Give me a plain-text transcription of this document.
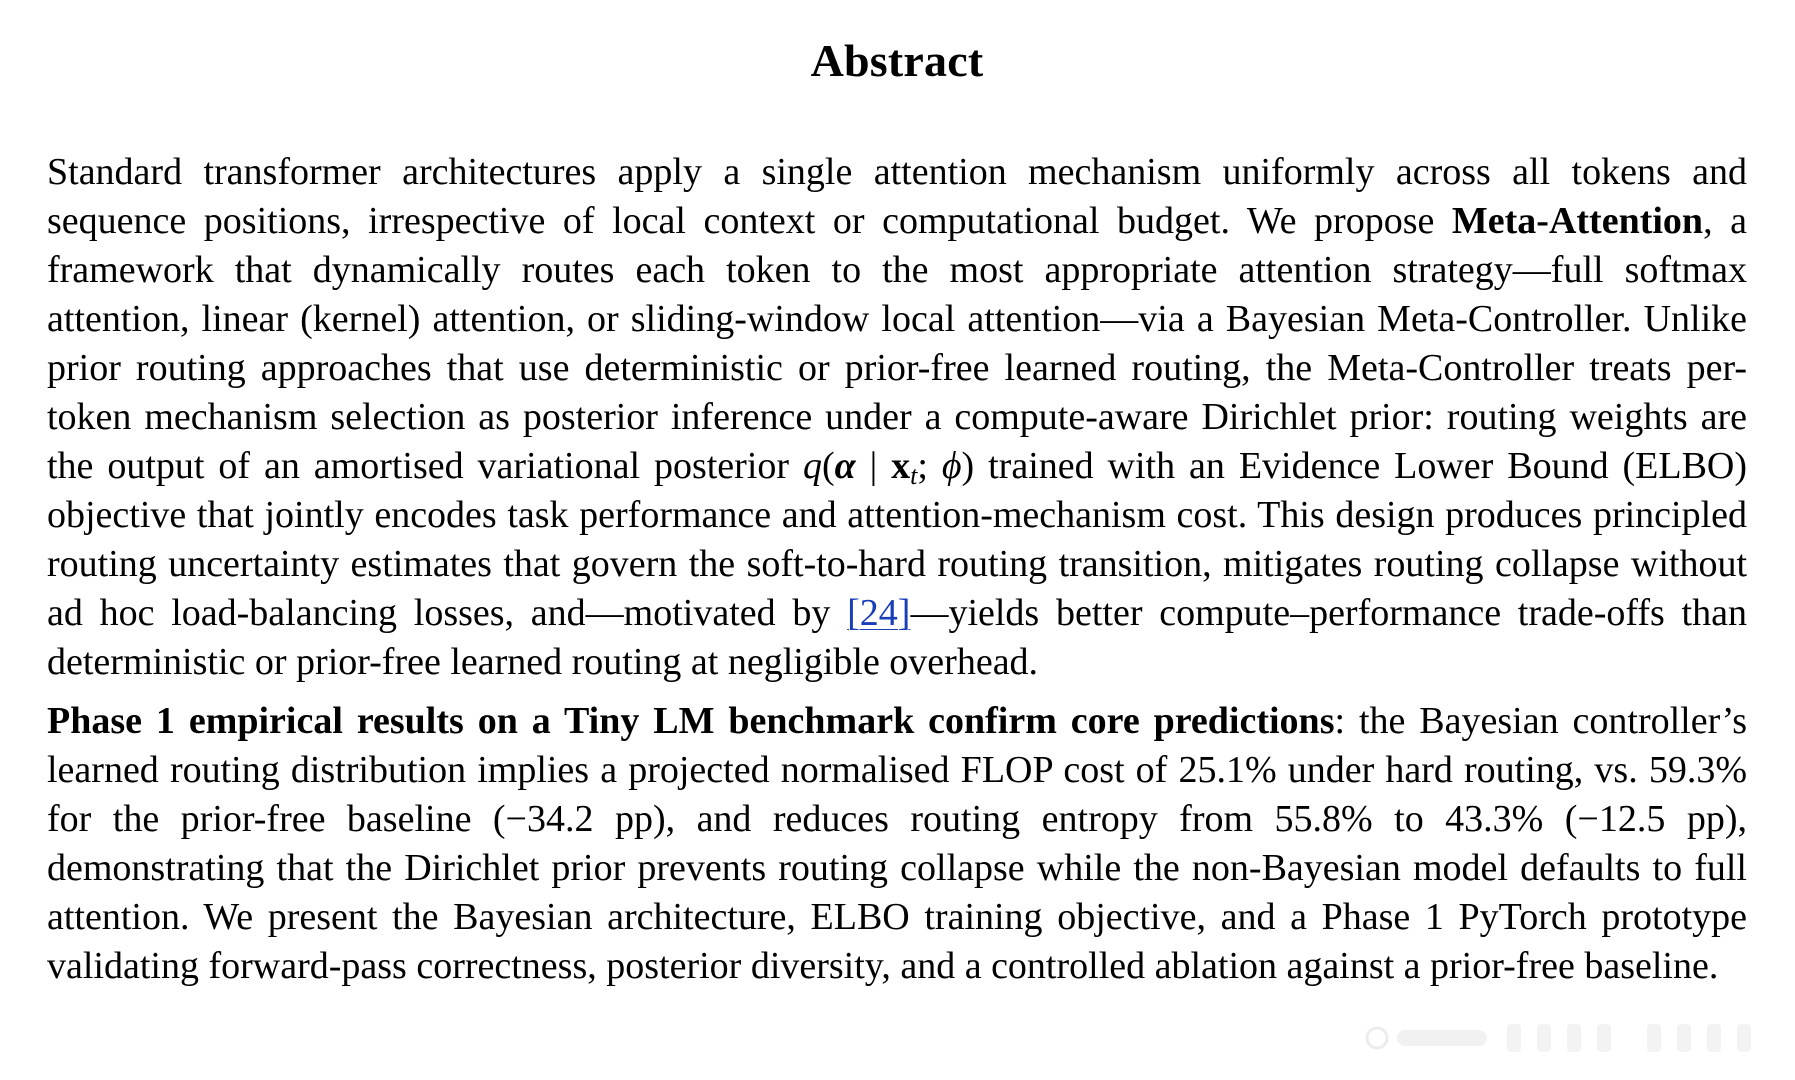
Abstract

Standard transformer architectures apply a single attention mechanism uniformly across all tokens and sequence positions, irrespective of local context or computational budget. We propose Meta-Attention, a framework that dynamically routes each token to the most appropriate attention strategy—full softmax attention, linear (kernel) attention, or sliding-window local attention—via a Bayesian Meta-Controller. Unlike prior routing approaches that use deterministic or prior-free learned routing, the Meta-Controller treats per-token mechanism selection as posterior inference under a compute-aware Dirichlet prior: routing weights are the output of an amortised variational posterior q(α | $x_t$; ϕ) trained with an Evidence Lower Bound (ELBO) objective that jointly encodes task performance and attention-mechanism cost. This design produces principled routing uncertainty estimates that govern the soft-to-hard routing transition, mitigates routing collapse without ad hoc load-balancing losses, and—motivated by [24]—yields better compute–performance trade-offs than deterministic or prior-free learned routing at negligible overhead.

Phase 1 empirical results on a Tiny LM benchmark confirm core predictions: the Bayesian controller’s learned routing distribution implies a projected normalised FLOP cost of 25.1% under hard routing, vs. 59.3% for the prior-free baseline (−34.2 pp), and reduces routing entropy from 55.8% to 43.3% (−12.5 pp), demonstrating that the Dirichlet prior prevents routing collapse while the non-Bayesian model defaults to full attention. We present the Bayesian architecture, ELBO training objective, and a Phase 1 PyTorch prototype validating forward-pass correctness, posterior diversity, and a controlled ablation against a prior-free baseline.
